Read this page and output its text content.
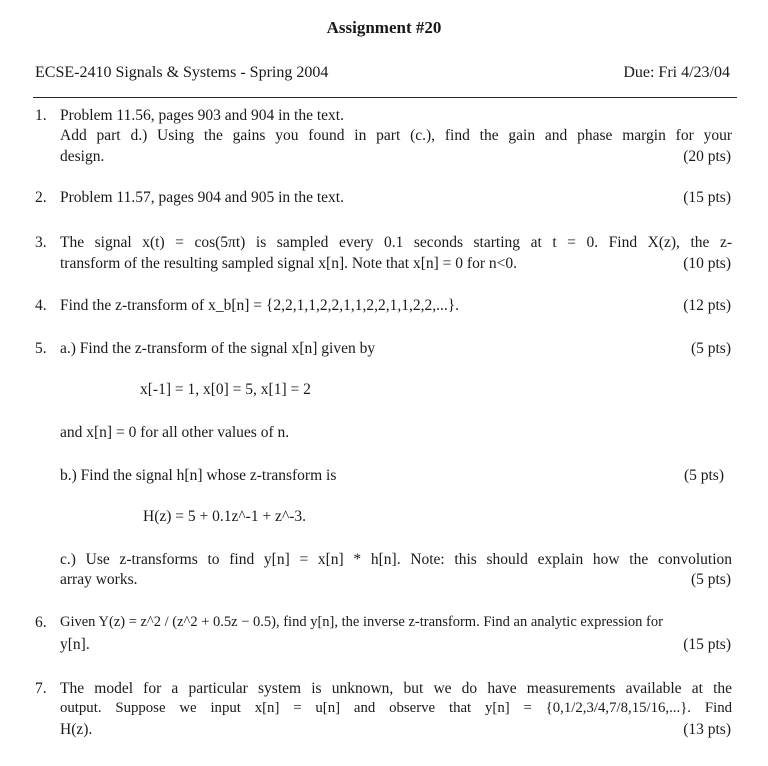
Assignment #20
ECSE-2410 Signals & Systems - Spring 2004	Due: Fri 4/23/04
1. Problem 11.56, pages 903 and 904 in the text.
Add part d.) Using the gains you found in part (c.), find the gain and phase margin for your
design.	(20 pts)
2. Problem 11.57, pages 904 and 905 in the text.	(15 pts)
3. The signal x(t) = cos(5πt) is sampled every 0.1 seconds starting at t = 0. Find X(z), the z-
transform of the resulting sampled signal x[n]. Note that x[n] = 0 for n<0.	(10 pts)
4. Find the z-transform of x_b[n] = {2,2,1,1,2,2,1,1,2,2,1,1,2,2,...}.	(12 pts)
5. a.) Find the z-transform of the signal x[n] given by	(5 pts)
x[-1] = 1, x[0] = 5, x[1] = 2
and x[n] = 0 for all other values of n.
b.) Find the signal h[n] whose z-transform is	(5 pts)
H(z) = 5 + 0.1z^-1 + z^-3.
c.) Use z-transforms to find y[n] = x[n] * h[n]. Note: this should explain how the convolution
array works.	(5 pts)
6. Given Y(z) = z^2 / (z^2 + 0.5z − 0.5), find y[n], the inverse z-transform. Find an analytic expression for
y[n].	(15 pts)
7. The model for a particular system is unknown, but we do have measurements available at the
output. Suppose we input x[n] = u[n] and observe that y[n] = {0,1/2,3/4,7/8,15/16,...}. Find
H(z).	(13 pts)
